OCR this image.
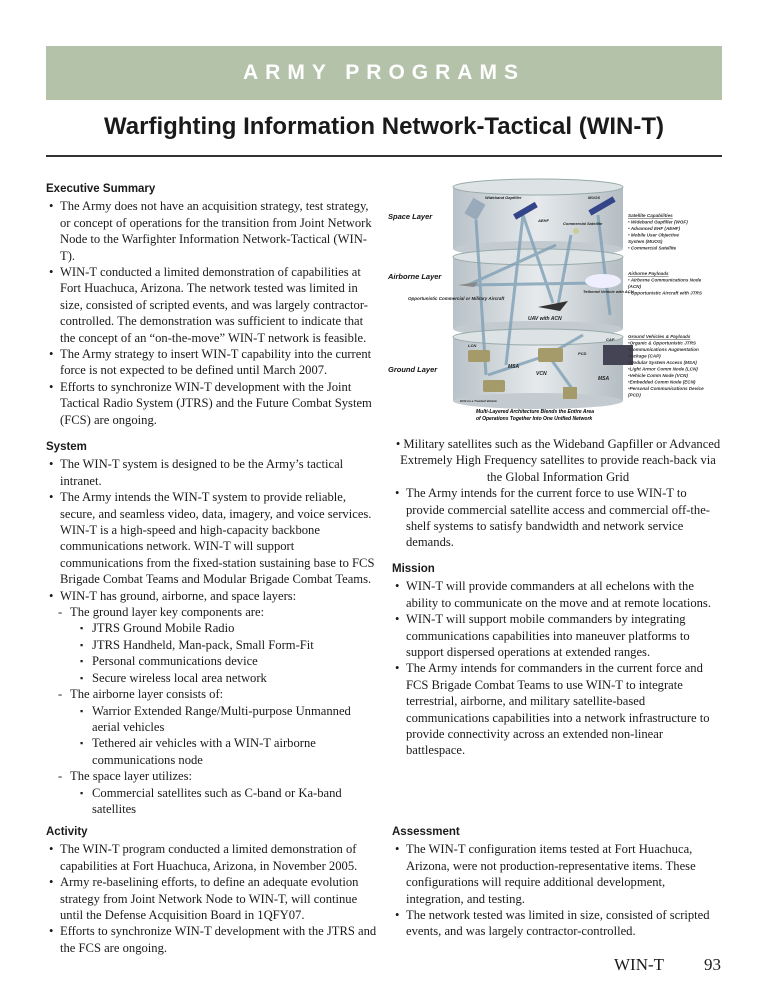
ARMY PROGRAMS
Warfighting Information Network-Tactical (WIN-T)
Executive Summary
• The Army does not have an acquisition strategy, test strategy, or concept of operations for the transition from Joint Network Node to the Warfighter Information Network-Tactical (WIN-T).
• WIN-T conducted a limited demonstration of capabilities at Fort Huachuca, Arizona. The network tested was limited in size, consisted of scripted events, and was largely contractor-controlled. The demonstration was sufficient to indicate that the concept of an “on-the-move” WIN-T network is feasible.
• The Army strategy to insert WIN-T capability into the current force is not expected to be defined until March 2007.
• Efforts to synchronize WIN-T development with the Joint Tactical Radio System (JTRS) and the Future Combat System (FCS) are ongoing.
Space Layer
Airborne Layer
Ground Layer
Wideband Gapfiller
AEHF
MUOS
Commercial Satellite
Opportunistic Commercial or Military Aircraft
UAV with ACN
Tethered Vehicle with ACN
LCN
MSA
MSA
VCN
PCD
CAP
ECN on a Tracked Vehicle
Satellite Capabilities
• Wideband Gapfiller (WGF)
• Advanced EHF (AEHF)
• Mobile User Objective
System (MUOS)
• Commercial Satellite
Airborne Payloads
• Airborne Communications Node
(ACN)
• Opportunistic Aircraft with JTRS
Ground Vehicles & Payloads
•Organic & Opportunistic JTRS
•Communications Augmentation
Package (CAP)
•Modular System Access (MSA)
•Light Armor Comm Node (LCN)
•Vehicle Comm Node (VCN)
•Embedded Comm Node (ECN)
•Personal Communications Device
(PCD)
Multi-Layered Architecture Blends the Entire Area
of Operations Together Into One Unified Network
System
• The WIN-T system is designed to be the Army’s tactical intranet.
• The Army intends the WIN-T system to provide reliable, secure, and seamless video, data, imagery, and voice services. WIN-T is a high-speed and high-capacity backbone communications network. WIN-T will support communications from the fixed-station sustaining base to FCS Brigade Combat Teams and Modular Brigade Combat Teams.
• WIN-T has ground, airborne, and space layers:
- The ground layer key components are:
▪ JTRS Ground Mobile Radio
▪ JTRS Handheld, Man-pack, Small Form-Fit
▪ Personal communications device
▪ Secure wireless local area network
- The airborne layer consists of:
▪ Warrior Extended Range/Multi-purpose Unmanned aerial vehicles
▪ Tethered air vehicles with a WIN-T airborne communications node
- The space layer utilizes:
▪ Commercial satellites such as C-band or Ka-band satellites
• Military satellites such as the Wideband Gapfiller or Advanced Extremely High Frequency satellites to provide reach-back via the Global Information Grid
• The Army intends for the current force to use WIN-T to provide commercial satellite access and commercial off-the-shelf systems to satisfy bandwidth and network service demands.
Mission
• WIN-T will provide commanders at all echelons with the ability to communicate on the move and at remote locations.
• WIN-T will support mobile commanders by integrating communications capabilities into maneuver platforms to support dispersed operations at extended ranges.
• The Army intends for commanders in the current force and FCS Brigade Combat Teams to use WIN-T to integrate terrestrial, airborne, and military satellite-based communications capabilities into a network infrastructure to provide connectivity across an extended non-linear battlespace.
Activity
• The WIN-T program conducted a limited demonstration of capabilities at Fort Huachuca, Arizona, in November 2005.
• Army re-baselining efforts, to define an adequate evolution strategy from Joint Network Node to WIN-T, will continue until the Defense Acquisition Board in 1QFY07.
• Efforts to synchronize WIN-T development with the JTRS and the FCS are ongoing.
Assessment
• The WIN-T configuration items tested at Fort Huachuca, Arizona, were not production-representative items. These configurations will require additional development, integration, and testing.
• The network tested was limited in size, consisted of scripted events, and was largely contractor-controlled.
WIN-T 93
